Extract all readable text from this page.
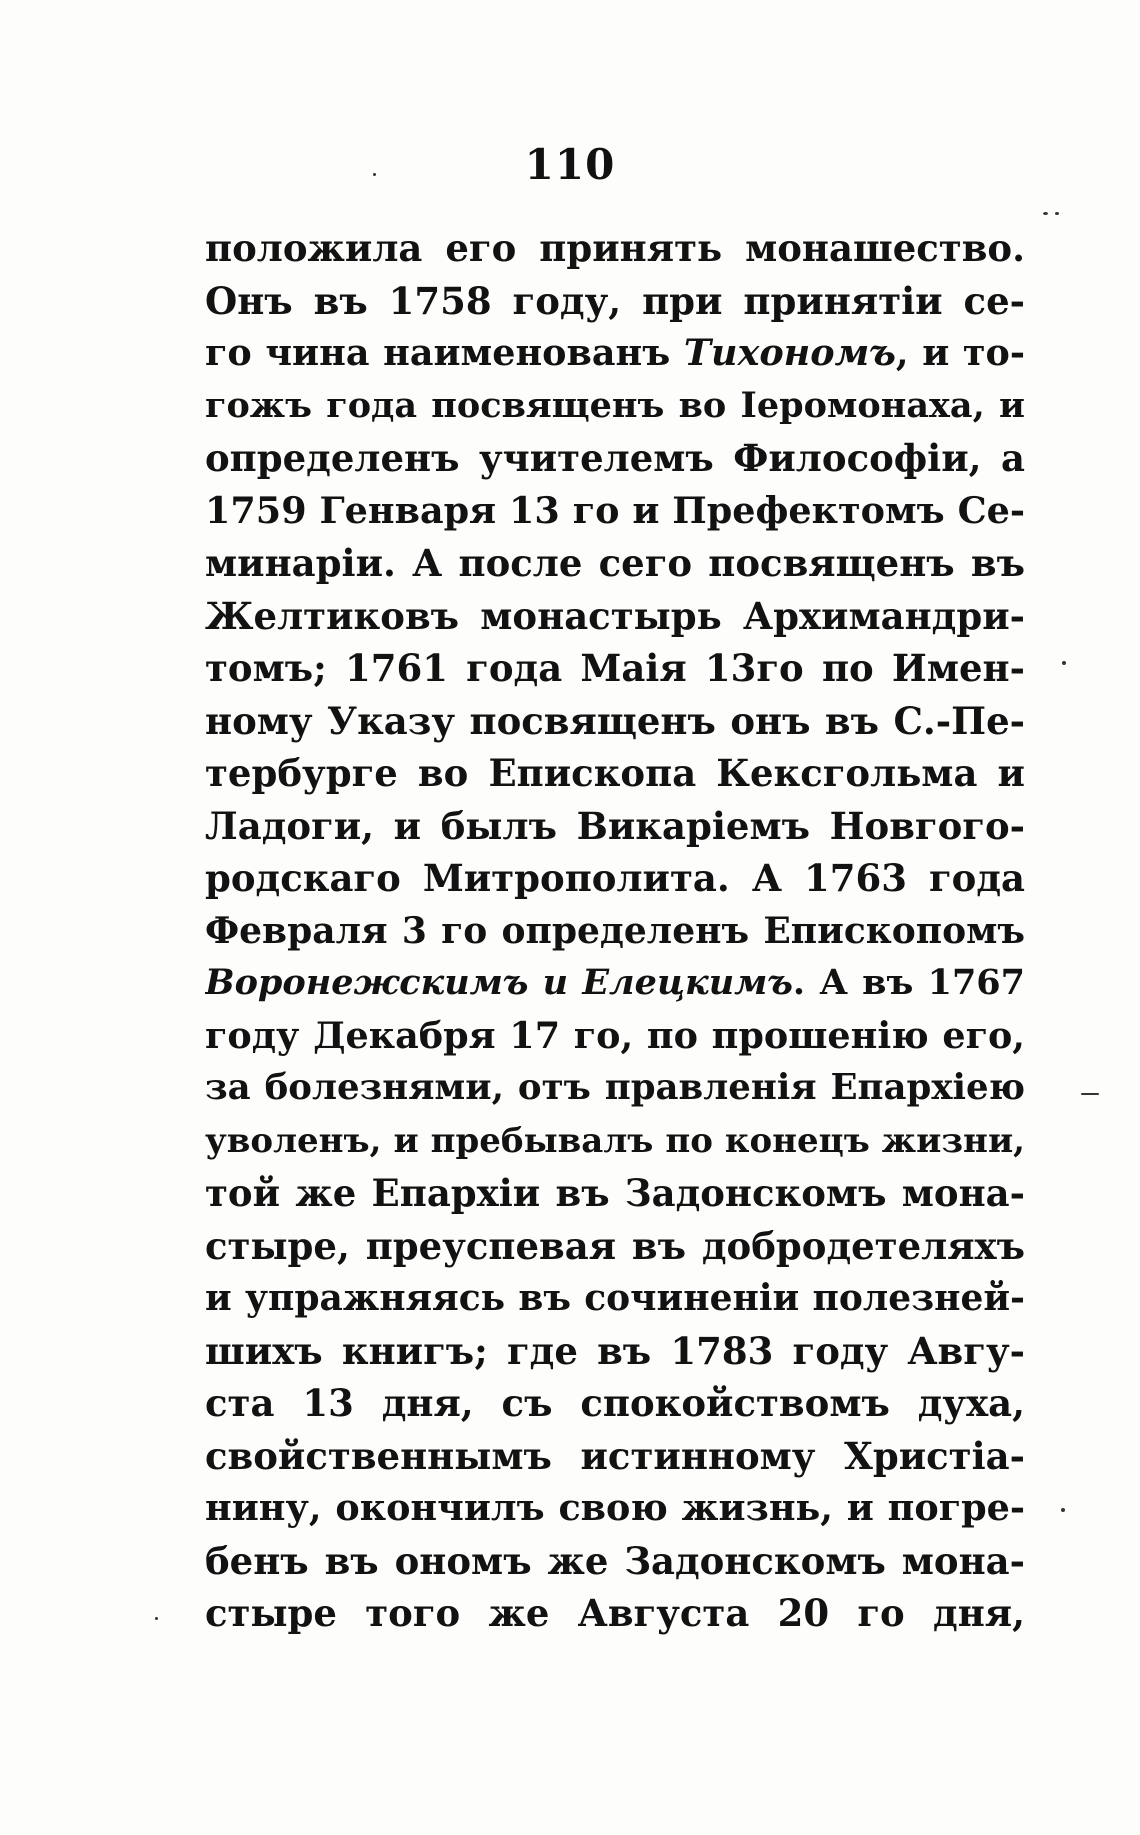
110
положила его принять монашество.
Онъ въ 1758 году, при принятіи се-
го чина наименованъ Тихономъ, и то-
гожъ года посвященъ во Іеромонаха, и
определенъ учителемъ Философіи, а
1759 Генваря 13 го и Префектомъ Се-
минаріи. А после сего посвященъ въ
Желтиковъ монастырь Архимандри-
томъ; 1761 года Маія 13го по Имен-
ному Указу посвященъ онъ въ С.-Пе-
тербурге во Епископа Кексгольма и
Ладоги, и былъ Викаріемъ Новгого-
родскаго Митрополита. А 1763 года
Февраля 3 го определенъ Епископомъ
Воронежскимъ и Елецкимъ. А въ 1767
году Декабря 17 го, по прошенію его,
за болезнями, отъ правленія Епархіею
уволенъ, и пребывалъ по конецъ жизни,
той же Епархіи въ Задонскомъ мона-
стыре, преуспевая въ добродетеляхъ
и упражняясь въ сочиненіи полезней-
шихъ книгъ; где въ 1783 году Авгу-
ста 13 дня, съ спокойствомъ духа,
свойственнымъ истинному Христіа-
нину, окончилъ свою жизнь, и погре-
бенъ въ ономъ же Задонскомъ мона-
стыре того же Августа 20 го дня,
